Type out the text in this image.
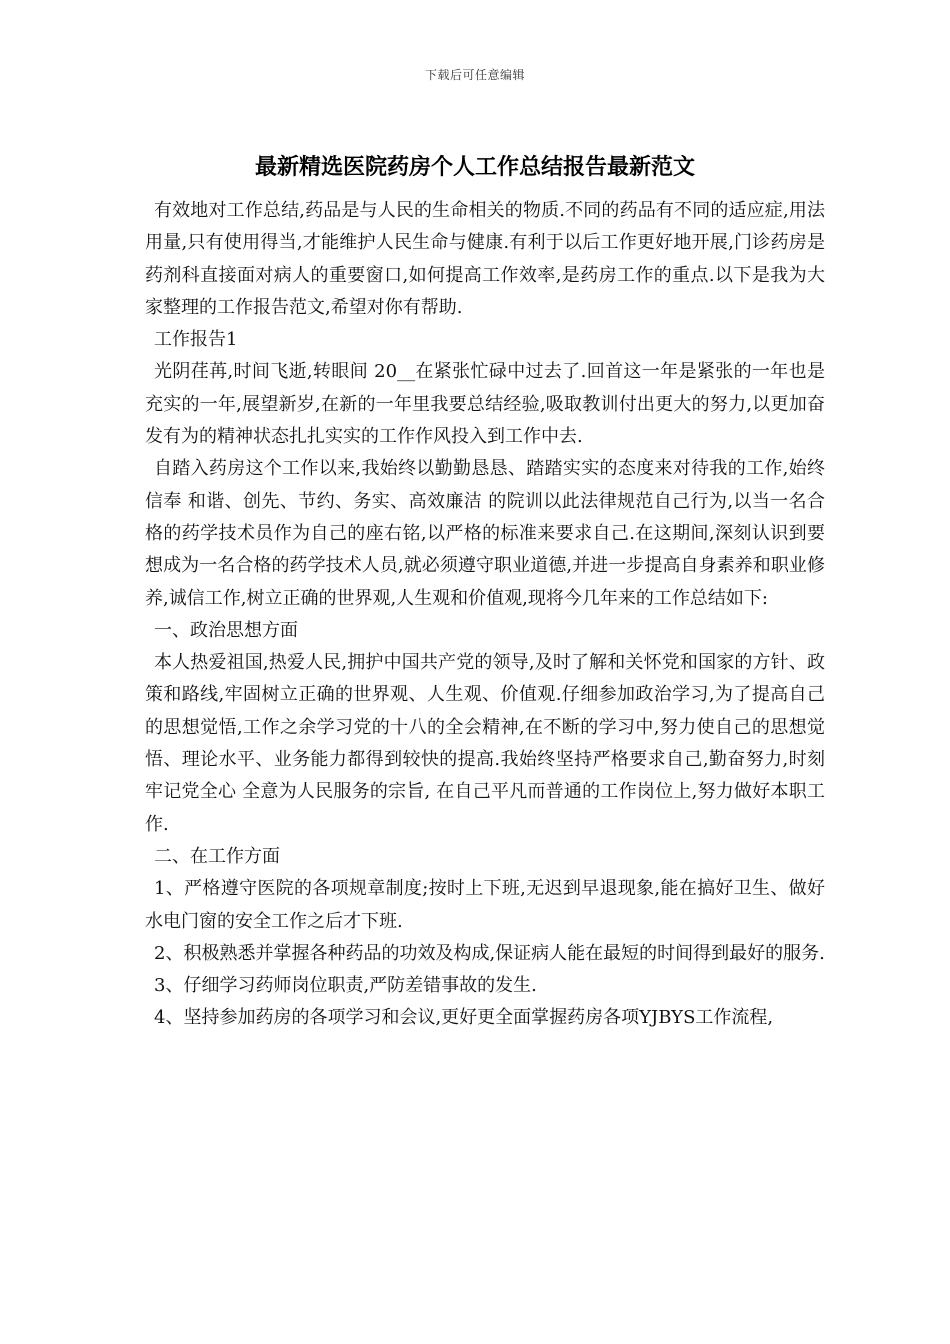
下载后可任意编辑
最新精选医院药房个人工作总结报告最新范文

有效地对工作总结,药品是与人民的生命相关的物质.不同的药品有不同的适应症,用法用量,只有使用得当,才能维护人民生命与健康.有利于以后工作更好地开展,门诊药房是药剂科直接面对病人的重要窗口,如何提高工作效率,是药房工作的重点.以下是我为大家整理的工作报告范文,希望对你有帮助.

工作报告1

光阴荏苒,时间飞逝,转眼间 20__在紧张忙碌中过去了.回首这一年是紧张的一年也是充实的一年,展望新岁,在新的一年里我要总结经验,吸取教训付出更大的努力,以更加奋发有为的精神状态扎扎实实的工作作风投入到工作中去.

自踏入药房这个工作以来,我始终以勤勤恳恳、踏踏实实的态度来对待我的工作,始终信奉 和谐、创先、节约、务实、高效廉洁 的院训以此法律规范自己行为,以当一名合格的药学技术员作为自己的座右铭,以严格的标准来要求自己.在这期间,深刻认识到要想成为一名合格的药学技术人员,就必须遵守职业道德,并进一步提高自身素养和职业修养,诚信工作,树立正确的世界观,人生观和价值观,现将今几年来的工作总结如下:

一、政治思想方面

本人热爱祖国,热爱人民,拥护中国共产党的领导,及时了解和关怀党和国家的方针、政策和路线,牢固树立正确的世界观、人生观、价值观.仔细参加政治学习,为了提高自己的思想觉悟,工作之余学习党的十八的全会精神,在不断的学习中,努力使自己的思想觉悟、理论水平、业务能力都得到较快的提高.我始终坚持严格要求自己,勤奋努力,时刻牢记党全心 全意为人民服务的宗旨, 在自己平凡而普通的工作岗位上,努力做好本职工作.

二、在工作方面

1、严格遵守医院的各项规章制度;按时上下班,无迟到早退现象,能在搞好卫生、做好水电门窗的安全工作之后才下班.

2、积极熟悉并掌握各种药品的功效及构成,保证病人能在最短的时间得到最好的服务.

3、仔细学习药师岗位职责,严防差错事故的发生.

4、坚持参加药房的各项学习和会议,更好更全面掌握药房各项YJBYS工作流程,
